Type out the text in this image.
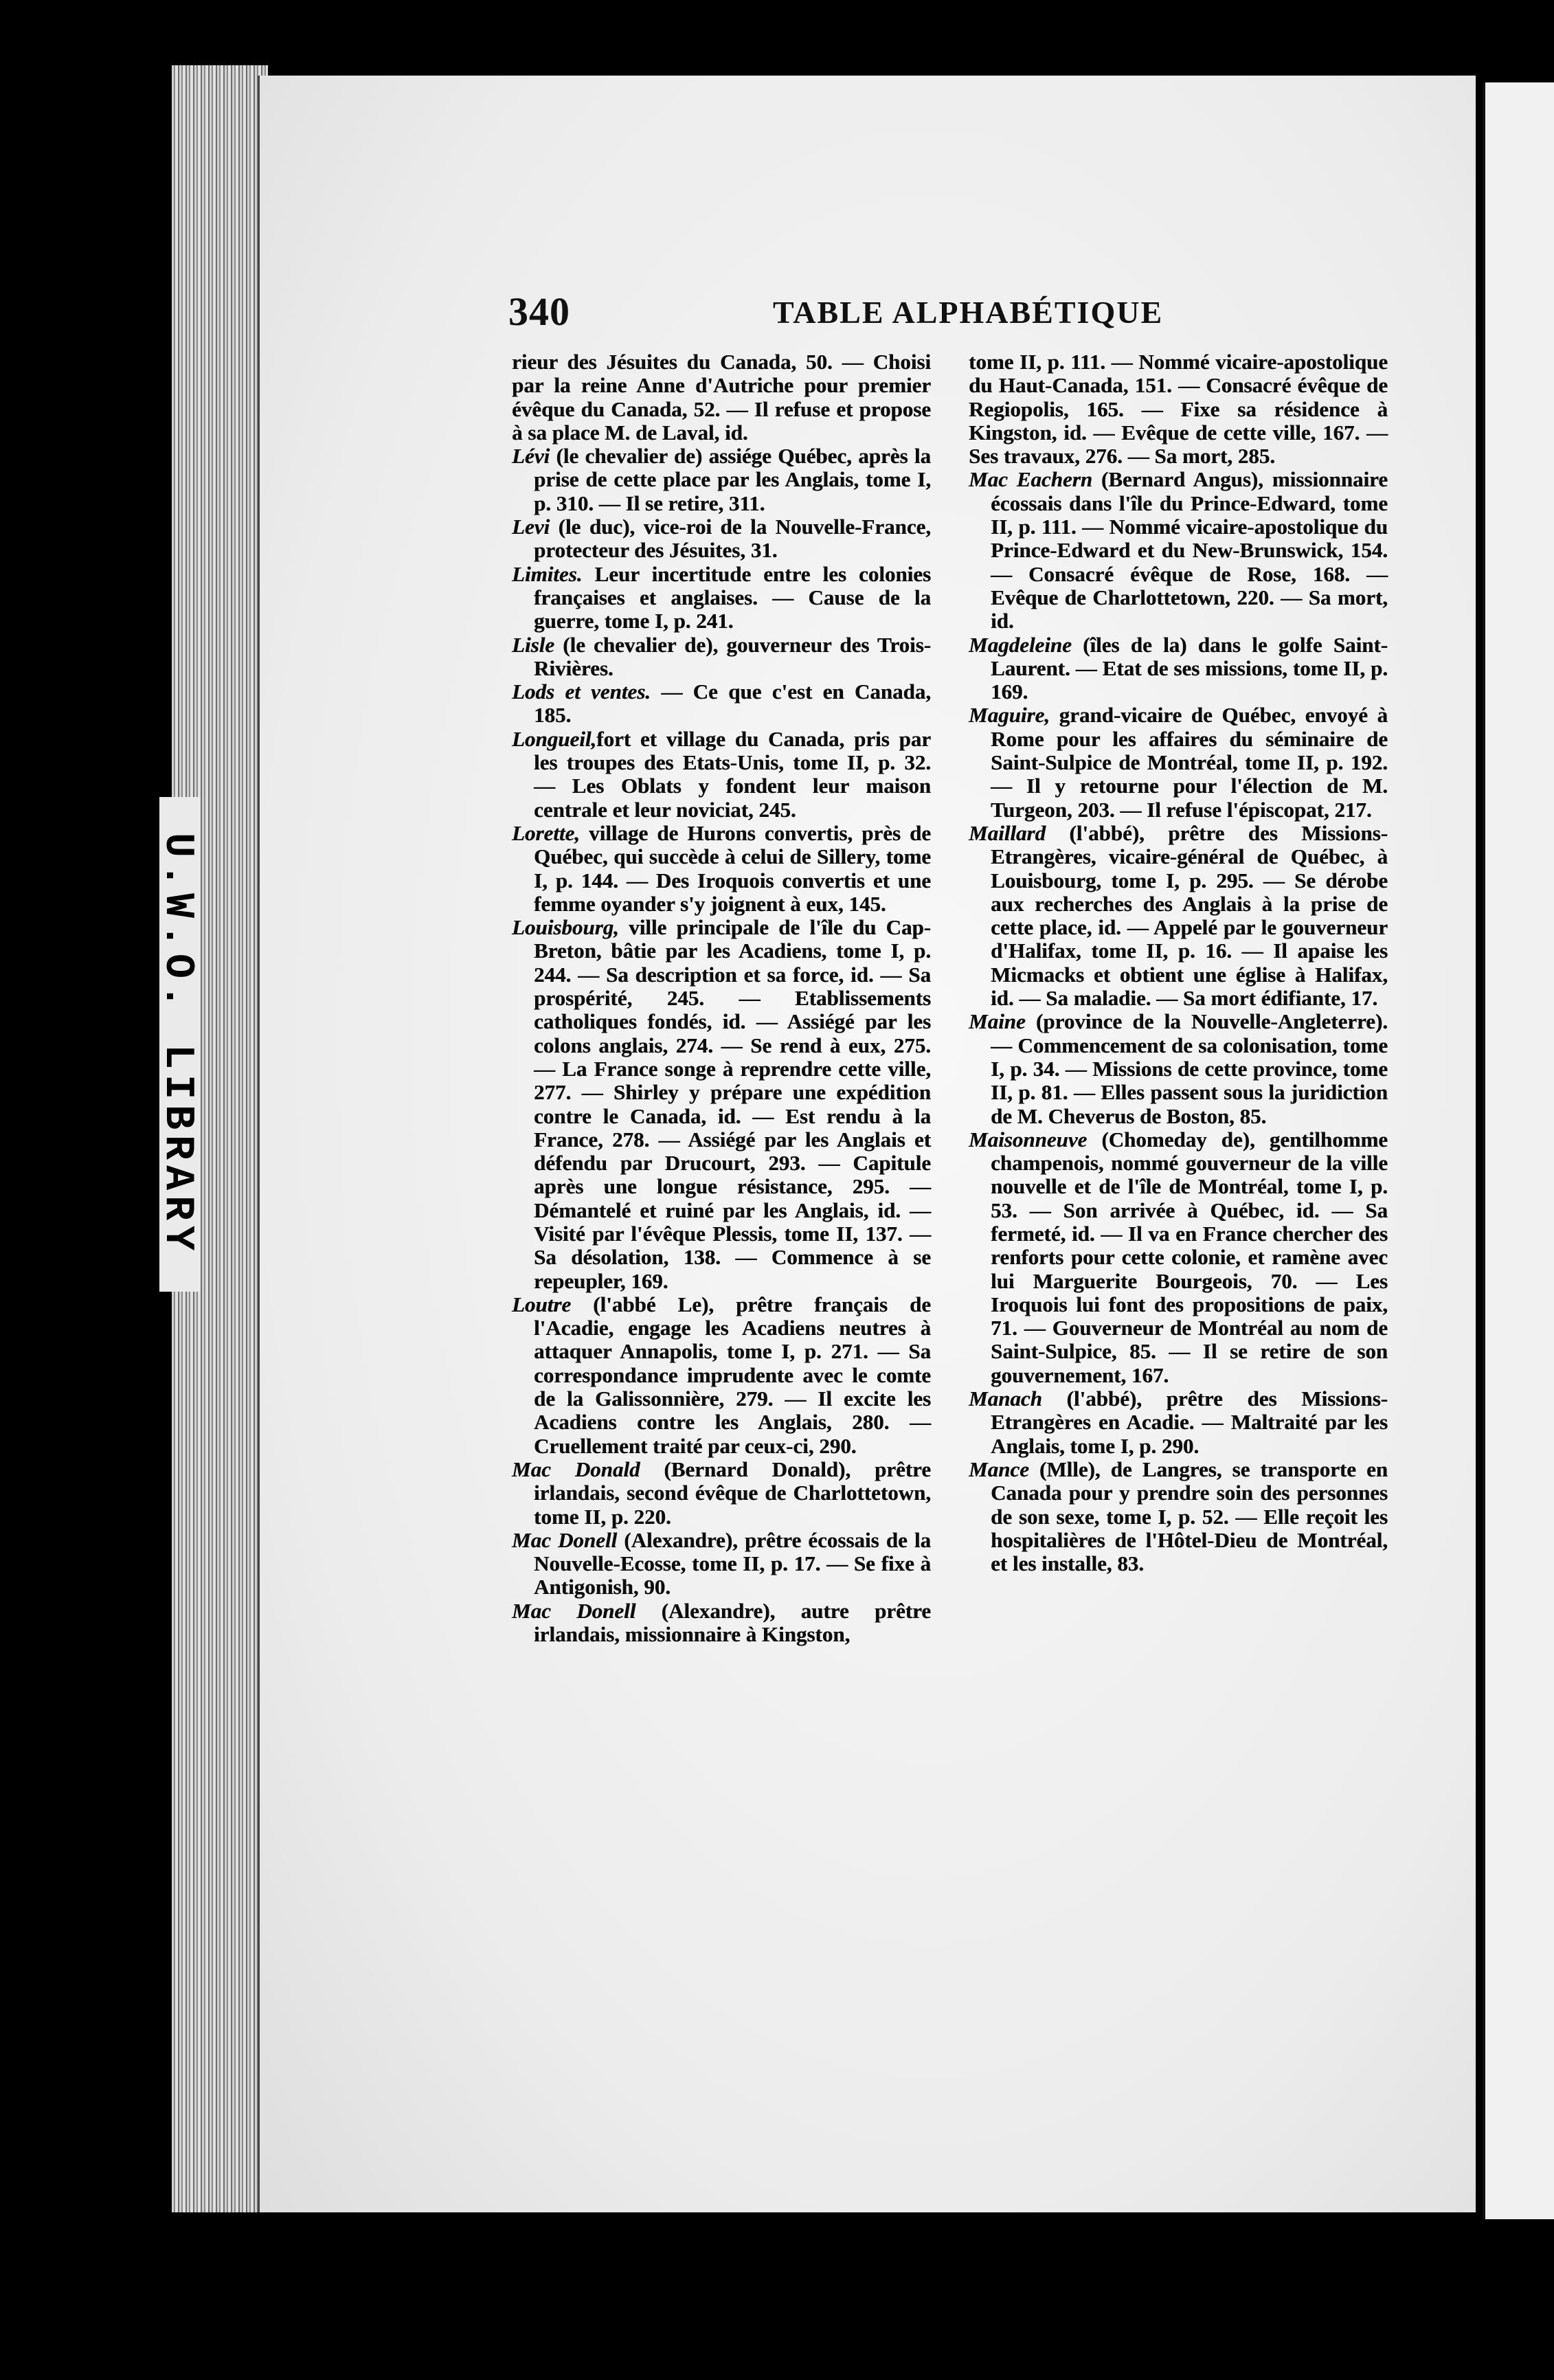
U.W.O. LIBRARY
340	TABLE ALPHABÉTIQUE

rieur des Jésuites du Canada, 50. — Choisi par la reine Anne d'Autriche pour premier évêque du Canada, 52. — Il refuse et propose à sa place M. de Laval, id.

Lévi (le chevalier de) assiége Québec, après la prise de cette place par les Anglais, tome I, p. 310. — Il se retire, 311.

Levi (le duc), vice-roi de la Nouvelle-France, protecteur des Jésuites, 31.

Limites. Leur incertitude entre les colonies françaises et anglaises. — Cause de la guerre, tome I, p. 241.

Lisle (le chevalier de), gouverneur des Trois-Rivières.

Lods et ventes. — Ce que c'est en Canada, 185.

Longueil,fort et village du Canada, pris par les troupes des Etats-Unis, tome II, p. 32. — Les Oblats y fondent leur maison centrale et leur noviciat, 245.

Lorette, village de Hurons convertis, près de Québec, qui succède à celui de Sillery, tome I, p. 144. — Des Iroquois convertis et une femme oyander s'y joignent à eux, 145.

Louisbourg, ville principale de l'île du Cap-Breton, bâtie par les Acadiens, tome I, p. 244. — Sa description et sa force, id. — Sa prospérité, 245. — Etablissements catholiques fondés, id. — Assiégé par les colons anglais, 274. — Se rend à eux, 275. — La France songe à reprendre cette ville, 277. — Shirley y prépare une expédition contre le Canada, id. — Est rendu à la France, 278. — Assiégé par les Anglais et défendu par Drucourt, 293. — Capitule après une longue résistance, 295. — Démantelé et ruiné par les Anglais, id. — Visité par l'évêque Plessis, tome II, 137. — Sa désolation, 138. — Commence à se repeupler, 169.

Loutre (l'abbé Le), prêtre français de l'Acadie, engage les Acadiens neutres à attaquer Annapolis, tome I, p. 271. — Sa correspondance imprudente avec le comte de la Galissonnière, 279. — Il excite les Acadiens contre les Anglais, 280. — Cruellement traité par ceux-ci, 290.

Mac Donald (Bernard Donald), prêtre irlandais, second évêque de Charlottetown, tome II, p. 220.

Mac Donell (Alexandre), prêtre écossais de la Nouvelle-Ecosse, tome II, p. 17. — Se fixe à Antigonish, 90.

Mac Donell (Alexandre), autre prêtre irlandais, missionnaire à Kingston,

tome II, p. 111. — Nommé vicaire-apostolique du Haut-Canada, 151. — Consacré évêque de Regiopolis, 165. — Fixe sa résidence à Kingston, id. — Evêque de cette ville, 167. — Ses travaux, 276. — Sa mort, 285.

Mac Eachern (Bernard Angus), missionnaire écossais dans l'île du Prince-Edward, tome II, p. 111. — Nommé vicaire-apostolique du Prince-Edward et du New-Brunswick, 154. — Consacré évêque de Rose, 168. — Evêque de Charlottetown, 220. — Sa mort, id.

Magdeleine (îles de la) dans le golfe Saint-Laurent. — Etat de ses missions, tome II, p. 169.

Maguire, grand-vicaire de Québec, envoyé à Rome pour les affaires du séminaire de Saint-Sulpice de Montréal, tome II, p. 192. — Il y retourne pour l'élection de M. Turgeon, 203. — Il refuse l'épiscopat, 217.

Maillard (l'abbé), prêtre des Missions-Etrangères, vicaire-général de Québec, à Louisbourg, tome I, p. 295. — Se dérobe aux recherches des Anglais à la prise de cette place, id. — Appelé par le gouverneur d'Halifax, tome II, p. 16. — Il apaise les Micmacks et obtient une église à Halifax, id. — Sa maladie. — Sa mort édifiante, 17.

Maine (province de la Nouvelle-Angleterre). — Commencement de sa colonisation, tome I, p. 34. — Missions de cette province, tome II, p. 81. — Elles passent sous la juridiction de M. Cheverus de Boston, 85.

Maisonneuve (Chomeday de), gentilhomme champenois, nommé gouverneur de la ville nouvelle et de l'île de Montréal, tome I, p. 53. — Son arrivée à Québec, id. — Sa fermeté, id. — Il va en France chercher des renforts pour cette colonie, et ramène avec lui Marguerite Bourgeois, 70. — Les Iroquois lui font des propositions de paix, 71. — Gouverneur de Montréal au nom de Saint-Sulpice, 85. — Il se retire de son gouvernement, 167.

Manach (l'abbé), prêtre des Missions-Etrangères en Acadie. — Maltraité par les Anglais, tome I, p. 290.

Mance (Mlle), de Langres, se transporte en Canada pour y prendre soin des personnes de son sexe, tome I, p. 52. — Elle reçoit les hospitalières de l'Hôtel-Dieu de Montréal, et les installe, 83.
